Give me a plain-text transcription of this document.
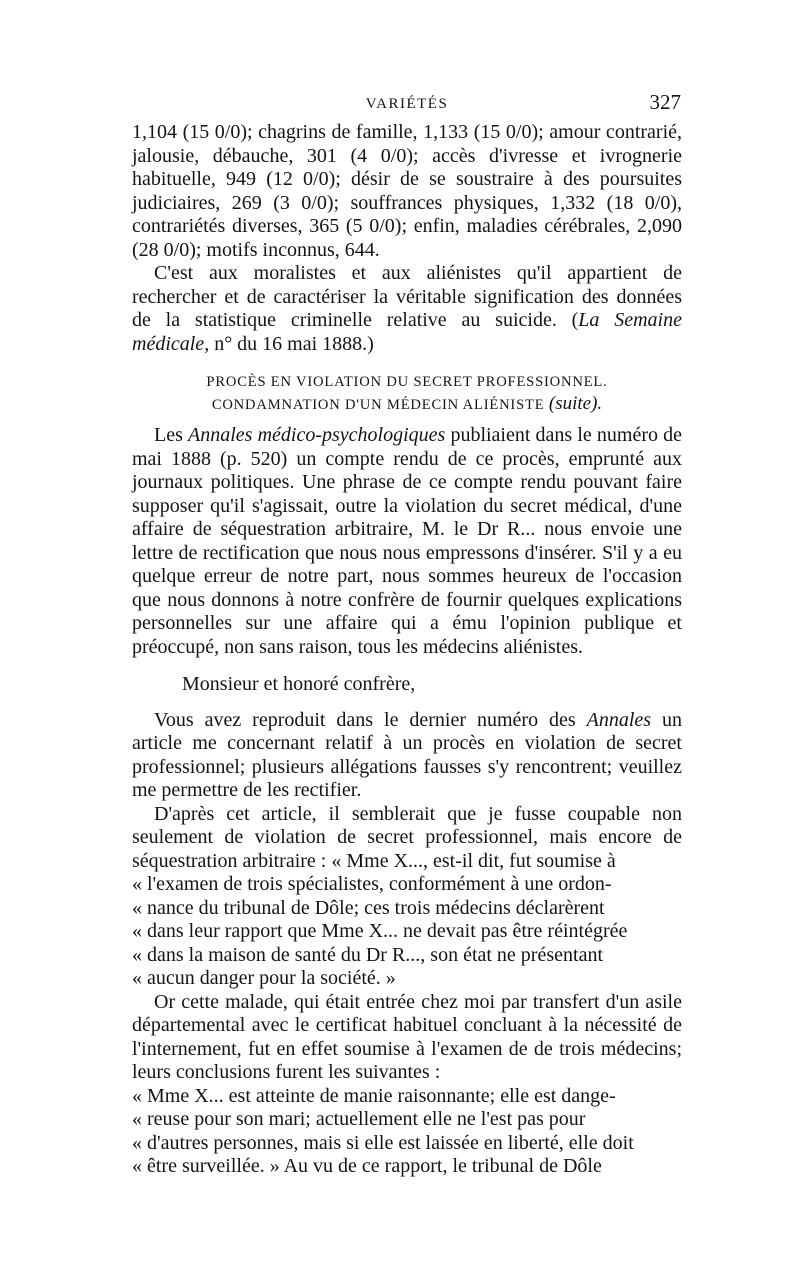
VARIÉTÉS	327

1,104 (15 0/0); chagrins de famille, 1,133 (15 0/0); amour contrarié, jalousie, débauche, 301 (4 0/0); accès d'ivresse et ivrognerie habituelle, 949 (12 0/0); désir de se soustraire à des poursuites judiciaires, 269 (3 0/0); souffrances physiques, 1,332 (18 0/0), contrariétés diverses, 365 (5 0/0); enfin, maladies cérébrales, 2,090 (28 0/0); motifs inconnus, 644.

C'est aux moralistes et aux aliénistes qu'il appartient de rechercher et de caractériser la véritable signification des données de la statistique criminelle relative au suicide. (La Semaine médicale, n° du 16 mai 1888.)

PROCÈS EN VIOLATION DU SECRET PROFESSIONNEL.
CONDAMNATION D'UN MÉDECIN ALIÉNISTE (suite).

Les Annales médico-psychologiques publiaient dans le numéro de mai 1888 (p. 520) un compte rendu de ce procès, emprunté aux journaux politiques. Une phrase de ce compte rendu pouvant faire supposer qu'il s'agissait, outre la violation du secret médical, d'une affaire de séquestration arbitraire, M. le Dr R... nous envoie une lettre de rectification que nous nous empressons d'insérer. S'il y a eu quelque erreur de notre part, nous sommes heureux de l'occasion que nous donnons à notre confrère de fournir quelques explications personnelles sur une affaire qui a ému l'opinion publique et préoccupé, non sans raison, tous les médecins aliénistes.

Monsieur et honoré confrère,

Vous avez reproduit dans le dernier numéro des Annales un article me concernant relatif à un procès en violation de secret professionnel; plusieurs allégations fausses s'y rencontrent; veuillez me permettre de les rectifier.

D'après cet article, il semblerait que je fusse coupable non seulement de violation de secret professionnel, mais encore de séquestration arbitraire : « Mme X..., est-il dit, fut soumise à

« l'examen de trois spécialistes, conformément à une ordon-

« nance du tribunal de Dôle; ces trois médecins déclarèrent

« dans leur rapport que Mme X... ne devait pas être réintégrée

« dans la maison de santé du Dr R..., son état ne présentant

« aucun danger pour la société. »

Or cette malade, qui était entrée chez moi par transfert d'un asile départemental avec le certificat habituel concluant à la nécessité de l'internement, fut en effet soumise à l'examen de de trois médecins; leurs conclusions furent les suivantes :

« Mme X... est atteinte de manie raisonnante; elle est dange-

« reuse pour son mari; actuellement elle ne l'est pas pour

« d'autres personnes, mais si elle est laissée en liberté, elle doit

« être surveillée. » Au vu de ce rapport, le tribunal de Dôle
